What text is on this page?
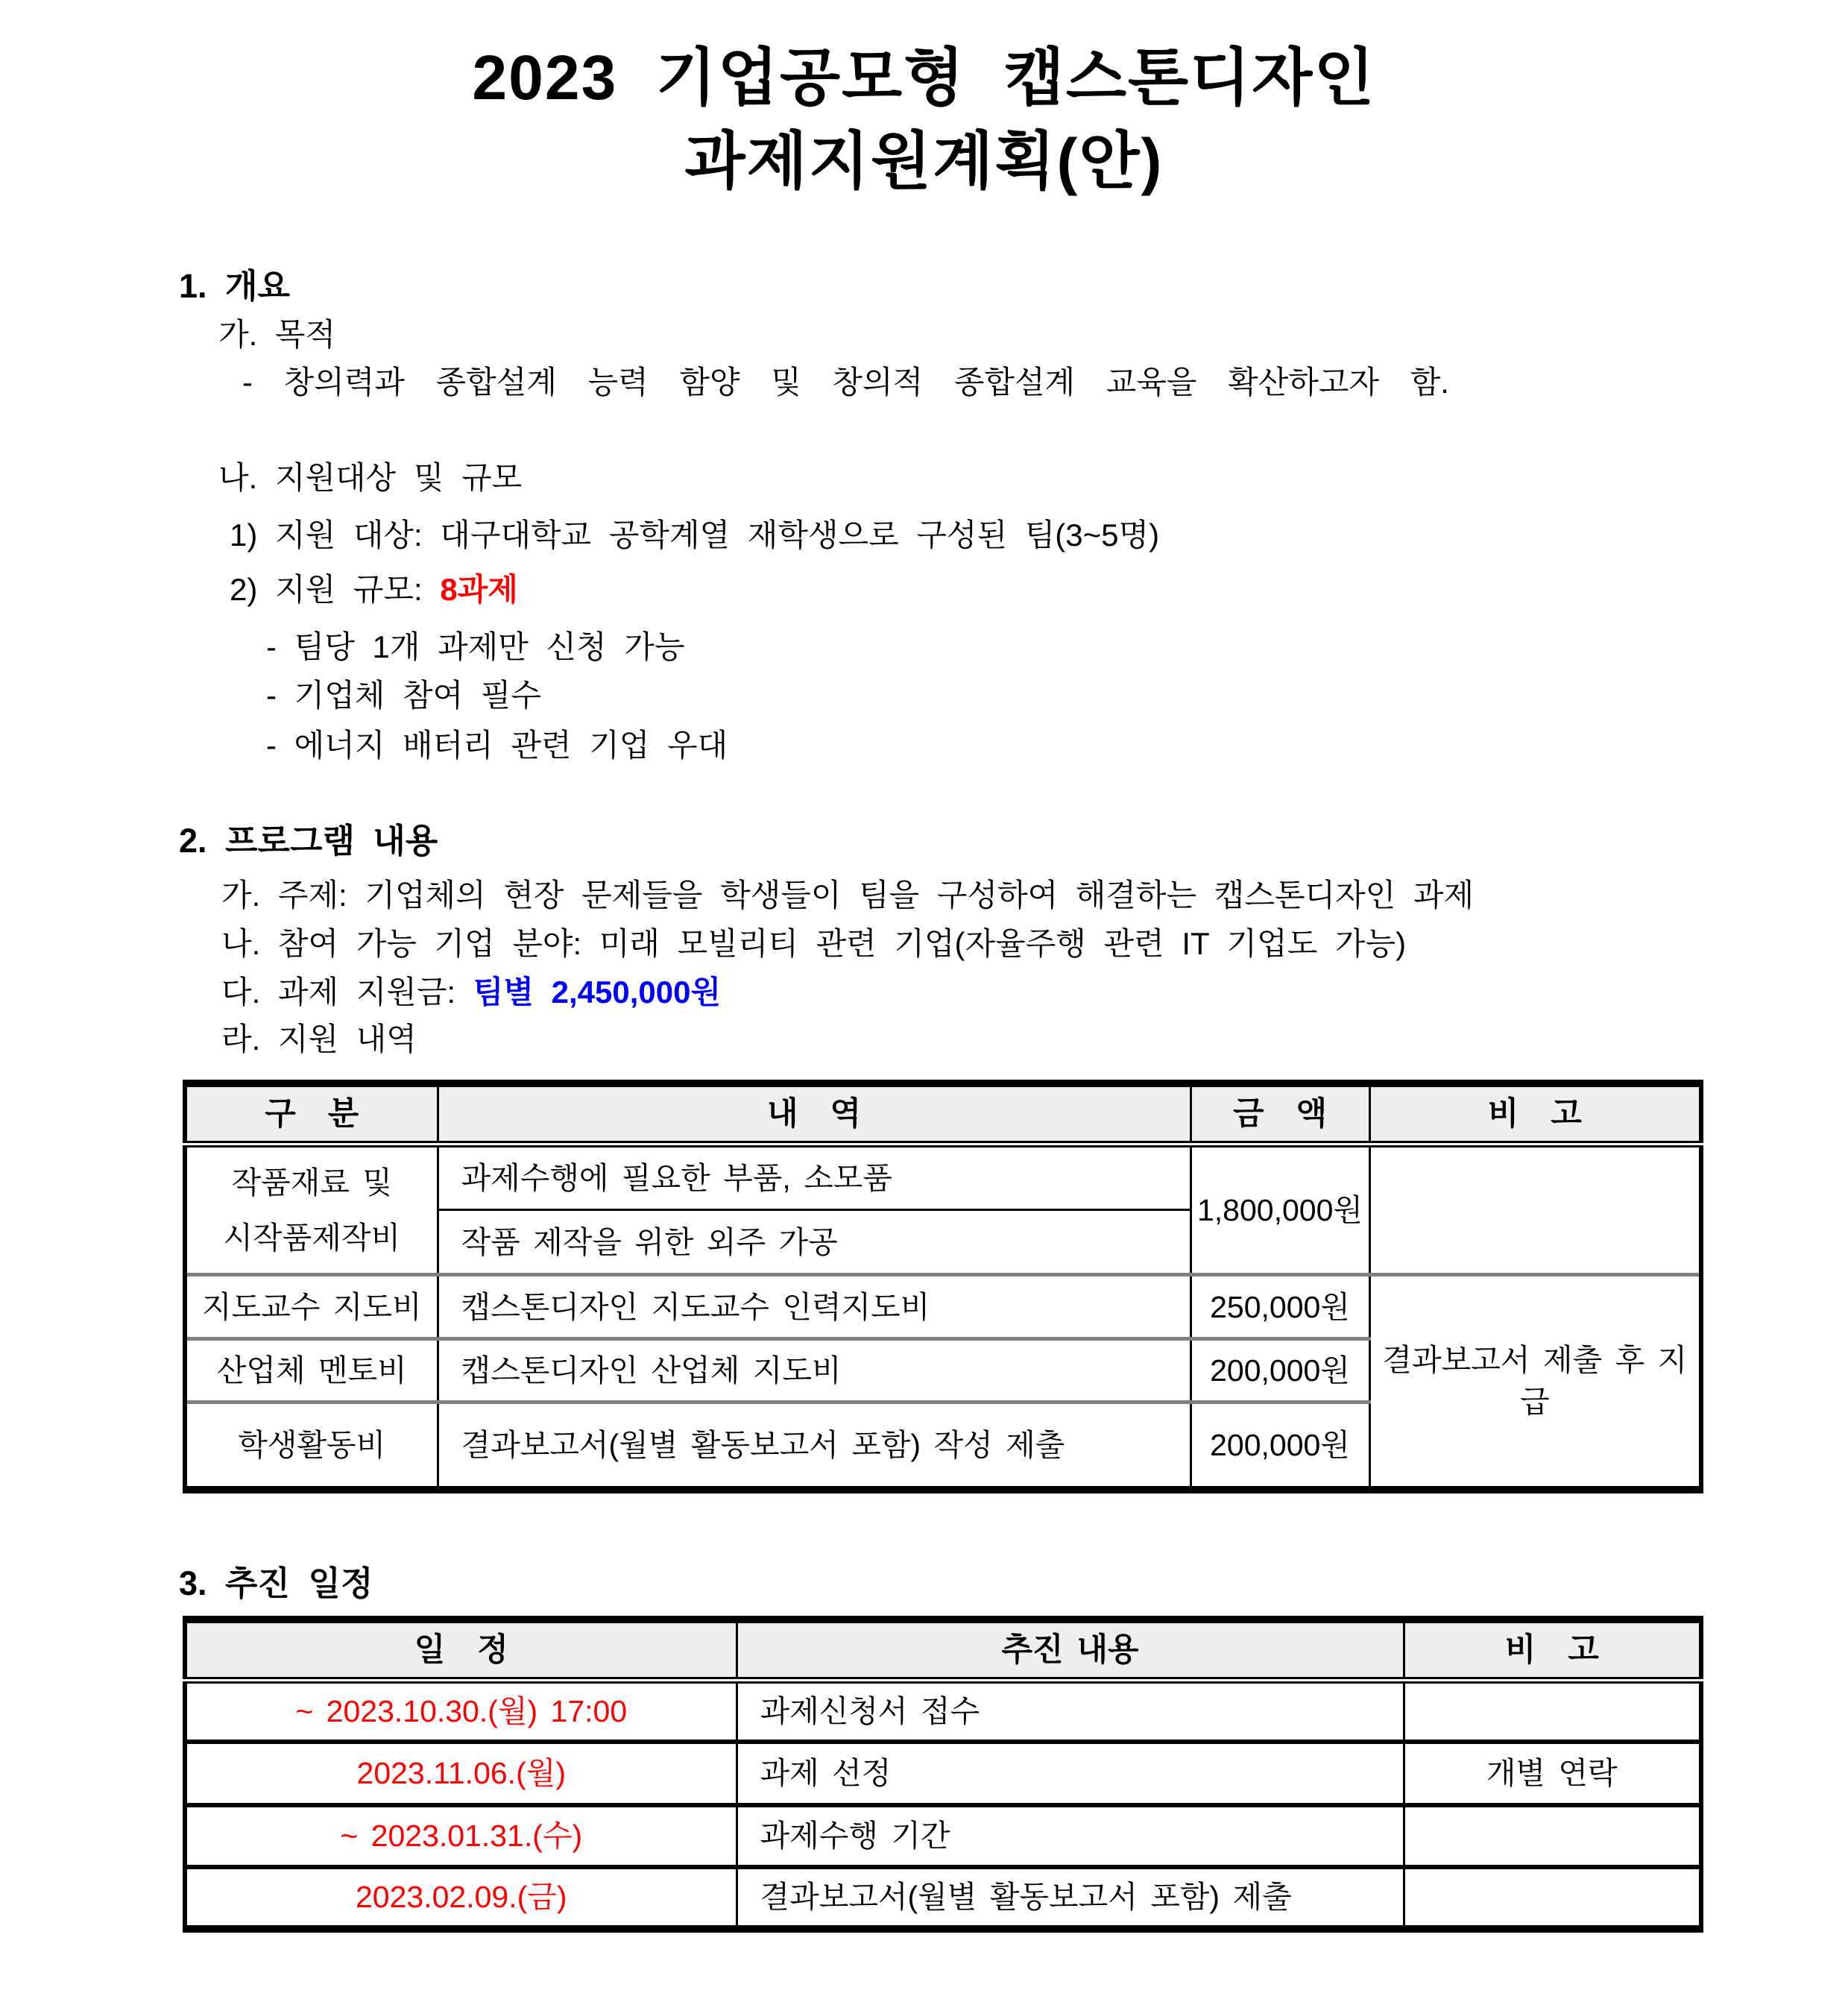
2023 기업공모형 캡스톤디자인
과제지원계획(안)
1. 개요
가. 목적
- 창의력과 종합설계 능력 함양 및 창의적 종합설계 교육을 확산하고자 함.
나. 지원대상 및 규모
1) 지원 대상: 대구대학교 공학계열 재학생으로 구성된 팀(3~5명)
2) 지원 규모: 8과제
- 팀당 1개 과제만 신청 가능
- 기업체 참여 필수
- 에너지 배터리 관련 기업 우대
2. 프로그램 내용
가. 주제: 기업체의 현장 문제들을 학생들이 팀을 구성하여 해결하는 캡스톤디자인 과제
나. 참여 가능 기업 분야: 미래 모빌리티 관련 기업(자율주행 관련 IT 기업도 가능)
다. 과제 지원금: 팀별 2,450,000원
라. 지원 내역
구　분	내　역	금　액	비　고

작품재료 및
시작품제작비	과제수행에 필요한 부품, 소모품	1,800,000원	
	작품 제작을 위한 외주 가공		
지도교수 지도비	캡스톤디자인 지도교수 인력지도비	250,000원	결과보고서 제출 후 지급
산업체 멘토비	캡스톤디자인 산업체 지도비	200,000원	
학생활동비	결과보고서(월별 활동보고서 포함) 작성 제출	200,000원	
3. 추진 일정
일　정	추진 내용	비　고
~ 2023.10.30.(월) 17:00	과제신청서 접수	
2023.11.06.(월)	과제 선정	개별 연락
~ 2023.01.31.(수)	과제수행 기간	
2023.02.09.(금)	결과보고서(월별 활동보고서 포함) 제출	
